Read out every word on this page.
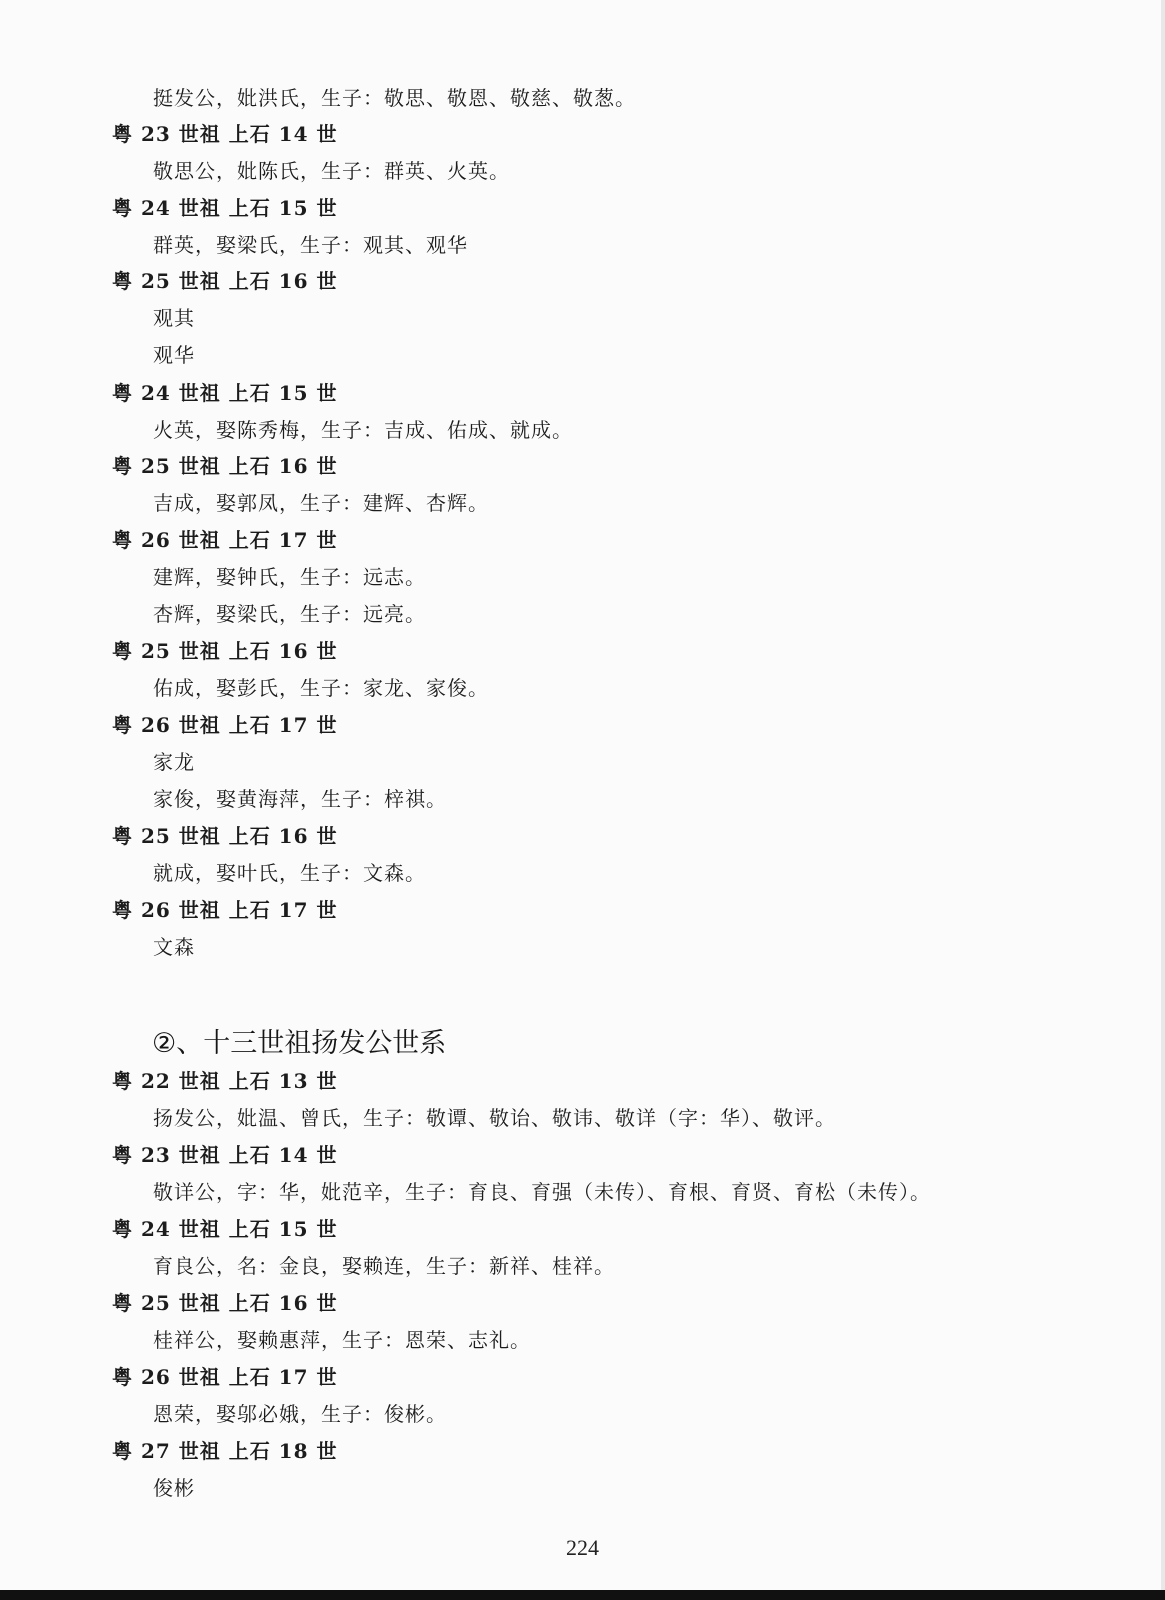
挺发公，妣洪氏，生子：敬思、敬恩、敬慈、敬葱。
粤 23 世祖 上石 14 世
敬思公，妣陈氏，生子：群英、火英。
粤 24 世祖 上石 15 世
群英，娶梁氏，生子：观其、观华
粤 25 世祖 上石 16 世
观其
观华
粤 24 世祖 上石 15 世
火英，娶陈秀梅，生子：吉成、佑成、就成。
粤 25 世祖 上石 16 世
吉成，娶郭凤，生子：建辉、杏辉。
粤 26 世祖 上石 17 世
建辉，娶钟氏，生子：远志。
杏辉，娶梁氏，生子：远亮。
粤 25 世祖 上石 16 世
佑成，娶彭氏，生子：家龙、家俊。
粤 26 世祖 上石 17 世
家龙
家俊，娶黄海萍，生子：梓祺。
粤 25 世祖 上石 16 世
就成，娶叶氏，生子：文森。
粤 26 世祖 上石 17 世
文森
②、十三世祖扬发公世系
粤 22 世祖 上石 13 世
扬发公，妣温、曾氏，生子：敬谭、敬诒、敬讳、敬详（字：华）、敬评。
粤 23 世祖 上石 14 世
敬详公，字：华，妣范辛，生子：育良、育强（未传）、育根、育贤、育松（未传）。
粤 24 世祖 上石 15 世
育良公，名：金良，娶赖连，生子：新祥、桂祥。
粤 25 世祖 上石 16 世
桂祥公，娶赖惠萍，生子：恩荣、志礼。
粤 26 世祖 上石 17 世
恩荣，娶邬必娥，生子：俊彬。
粤 27 世祖 上石 18 世
俊彬
224
